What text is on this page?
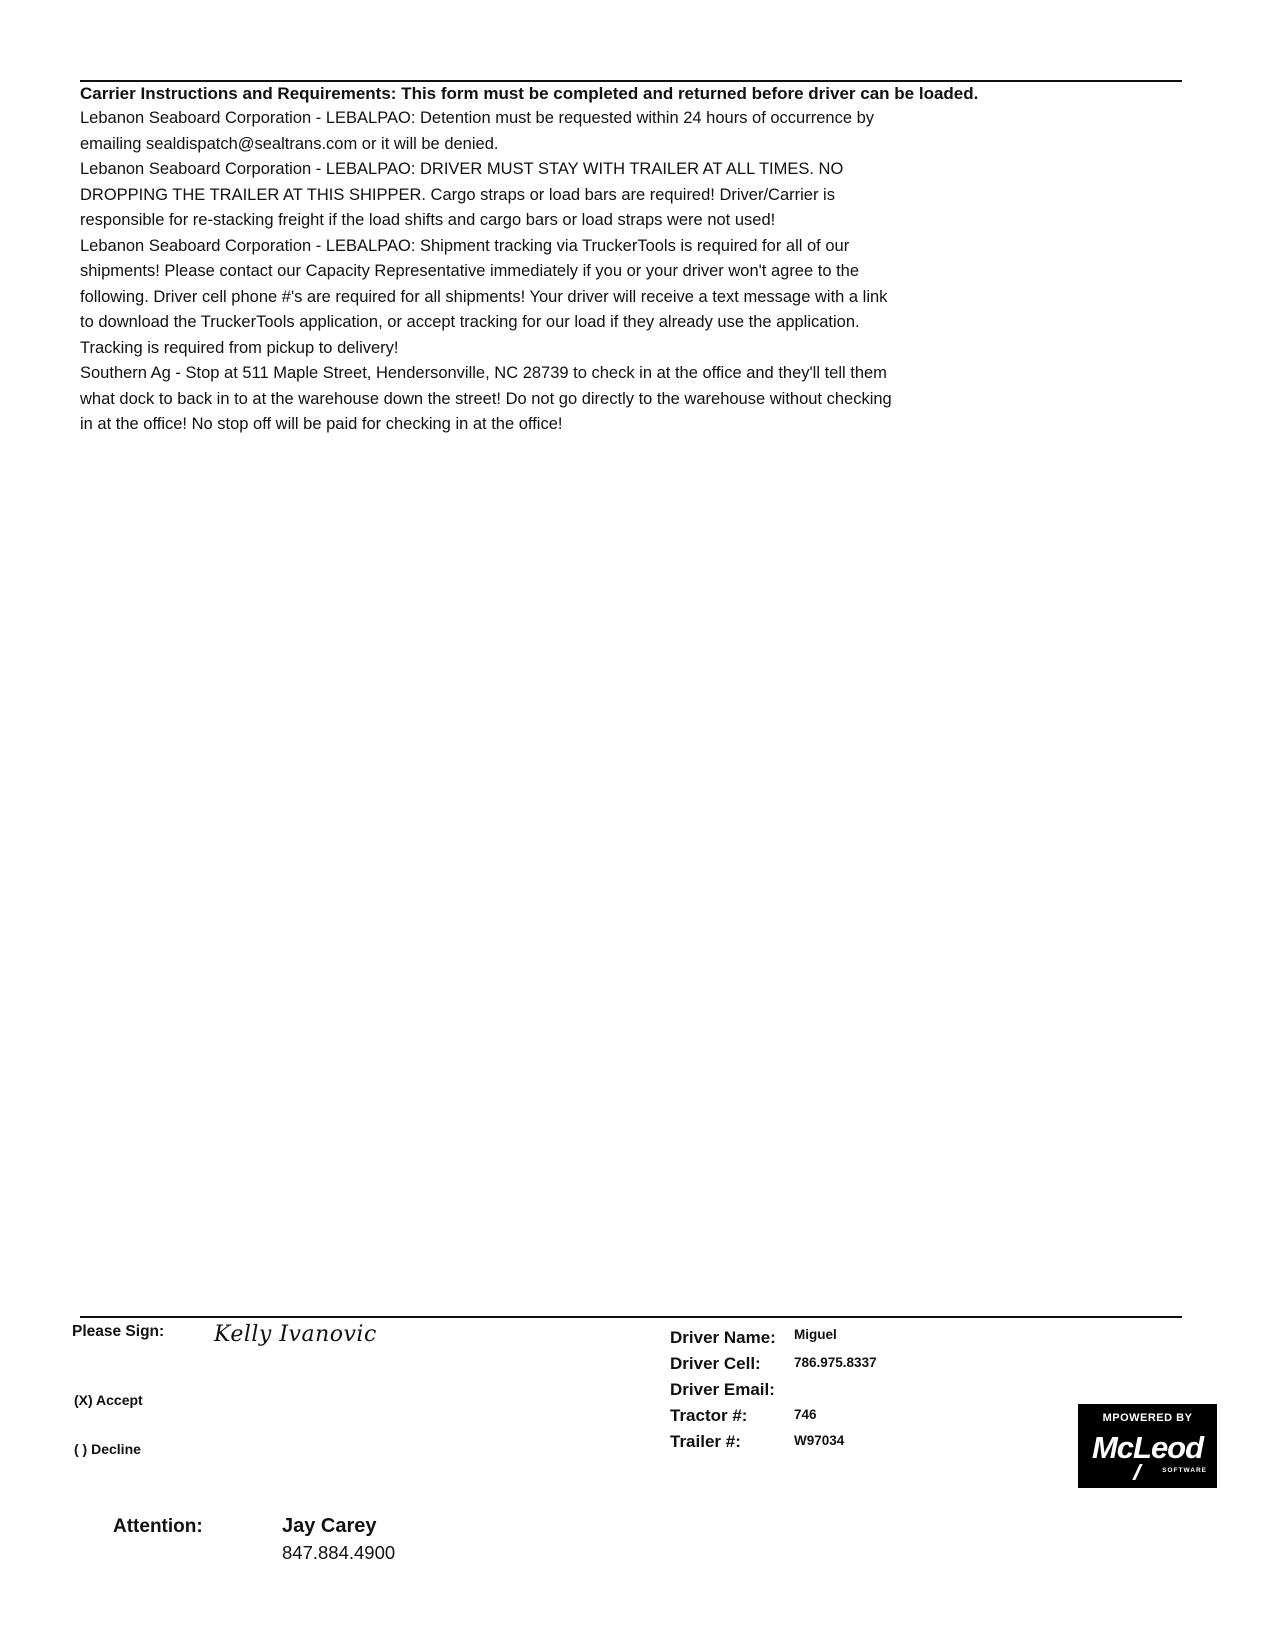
Carrier Instructions and Requirements: This form must be completed and returned before driver can be loaded.

Lebanon Seaboard Corporation - LEBALPAO: Detention must be requested within 24 hours of occurrence by
emailing sealdispatch@sealtrans.com or it will be denied.

Lebanon Seaboard Corporation - LEBALPAO: DRIVER MUST STAY WITH TRAILER AT ALL TIMES. NO
DROPPING THE TRAILER AT THIS SHIPPER. Cargo straps or load bars are required! Driver/Carrier is
responsible for re-stacking freight if the load shifts and cargo bars or load straps were not used!

Lebanon Seaboard Corporation - LEBALPAO: Shipment tracking via TruckerTools is required for all of our
shipments! Please contact our Capacity Representative immediately if you or your driver won't agree to the
following. Driver cell phone #'s are required for all shipments! Your driver will receive a text message with a link
to download the TruckerTools application, or accept tracking for our load if they already use the application.
Tracking is required from pickup to delivery!

Southern Ag - Stop at 511 Maple Street, Hendersonville, NC 28739 to check in at the office and they'll tell them
what dock to back in to at the warehouse down the street! Do not go directly to the warehouse without checking
in at the office! No stop off will be paid for checking in at the office!

Please Sign: Kelly Ivanovic
(X) Accept
( ) Decline
Driver Name: Miguel
Driver Cell: 786.975.8337
Driver Email:
Tractor #:	746
Trailer #:	W97034
MPOWERED BY
McLeod
SOFTWARE
Attention:	Jay Carey
847.884.4900
